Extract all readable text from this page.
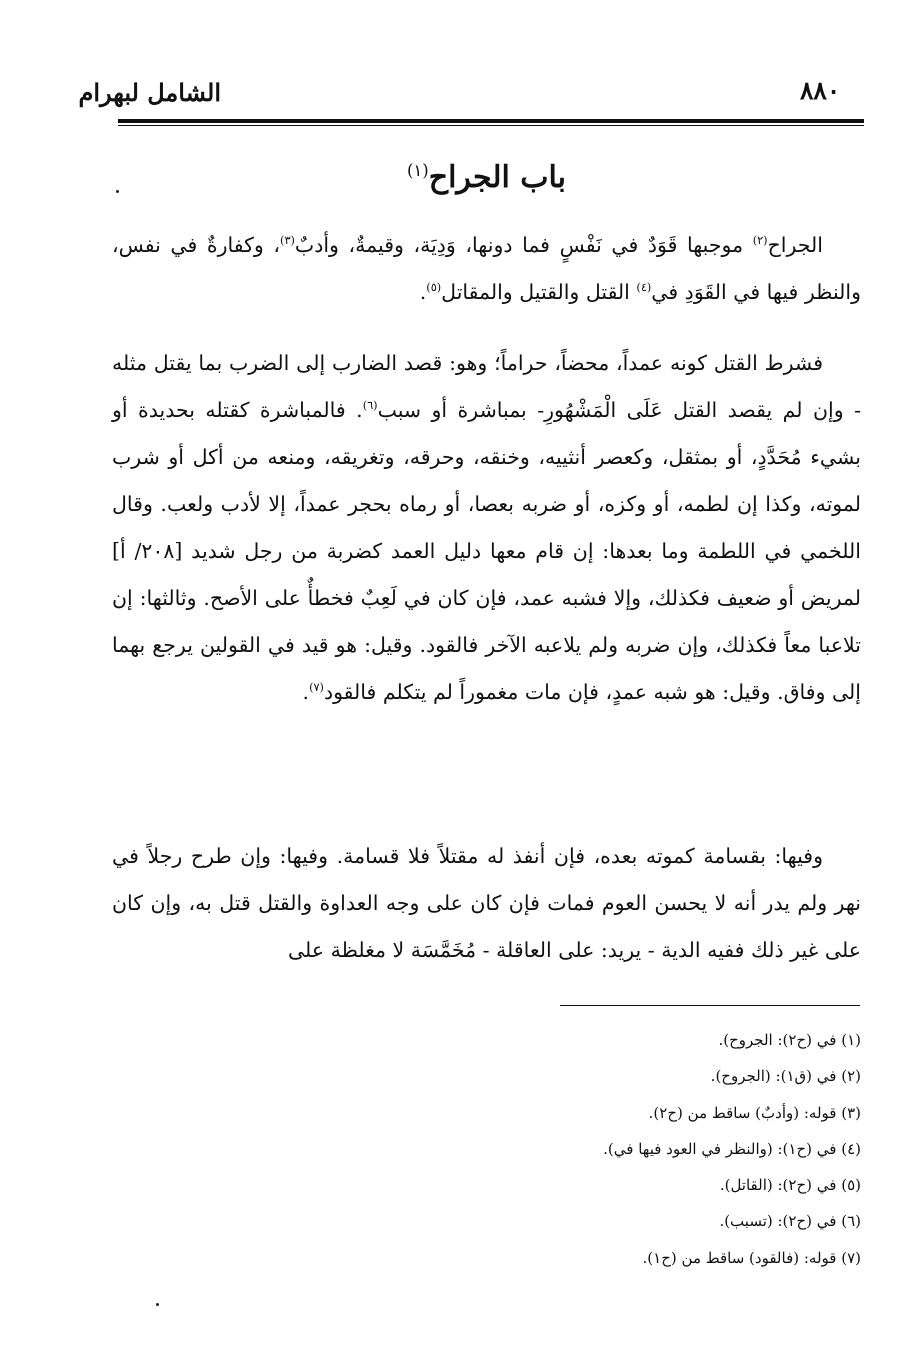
الشامل لبهرام	٨٨٠
باب الجراح$^{(١)}$
الجراح$^{(٢)}$ موجبها قَوَدٌ في نَفْسٍ فما دونها، وَدِيَة، وقيمةٌ، وأدبٌ$^{(٣)}$، وكفارةٌ في نفس، والنظر فيها في القَوَدِ في$^{(٤)}$ القتل والقتيل والمقاتل$^{(٥)}$.
فشرط القتل كونه عمداً، محضاً، حراماً؛ وهو: قصد الضارب إلى الضرب بما يقتل مثله - وإن لم يقصد القتل عَلَى الْمَشْهُورِ- بمباشرة أو سبب$^{(٦)}$. فالمباشرة كقتله بحديدة أو بشيء مُحَدَّدٍ، أو بمثقل، وكعصر أنثييه، وخنقه، وحرقه، وتغريقه، ومنعه من أكل أو شرب لموته، وكذا إن لطمه، أو وكزه، أو ضربه بعصا، أو رماه بحجر عمداً، إلا لأدب ولعب. وقال اللخمي في اللطمة وما بعدها: إن قام معها دليل العمد كضربة من رجل شديد [٢٠٨/ أ] لمريض أو ضعيف فكذلك، وإلا فشبه عمد، فإن كان في لَعِبٌ فخطأٌ على الأصح. وثالثها: إن تلاعبا معاً فكذلك، وإن ضربه ولم يلاعبه الآخر فالقود. وقيل: هو قيد في القولين يرجع بهما إلى وفاق. وقيل: هو شبه عمدٍ، فإن مات مغموراً لم يتكلم فالقود$^{(٧)}$.
وفيها: بقسامة كموته بعده، فإن أنفذ له مقتلاً فلا قسامة. وفيها: وإن طرح رجلاً في نهر ولم يدر أنه لا يحسن العوم فمات فإن كان على وجه العداوة والقتل قتل به، وإن كان على غير ذلك ففيه الدية - يريد: على العاقلة - مُخَمَّسَة لا مغلظة على
(١) في (ح٢): الجروح).
(٢) في (ق١): (الجروح).
(٣) قوله: (وأدبٌ) ساقط من (ح٢).
(٤) في (ح١): (والنظر في العود فيها في).
(٥) في (ح٢): (القاتل).
(٦) في (ح٢): (تسبب).
(٧) قوله: (فالقود) ساقط من (ح١).
